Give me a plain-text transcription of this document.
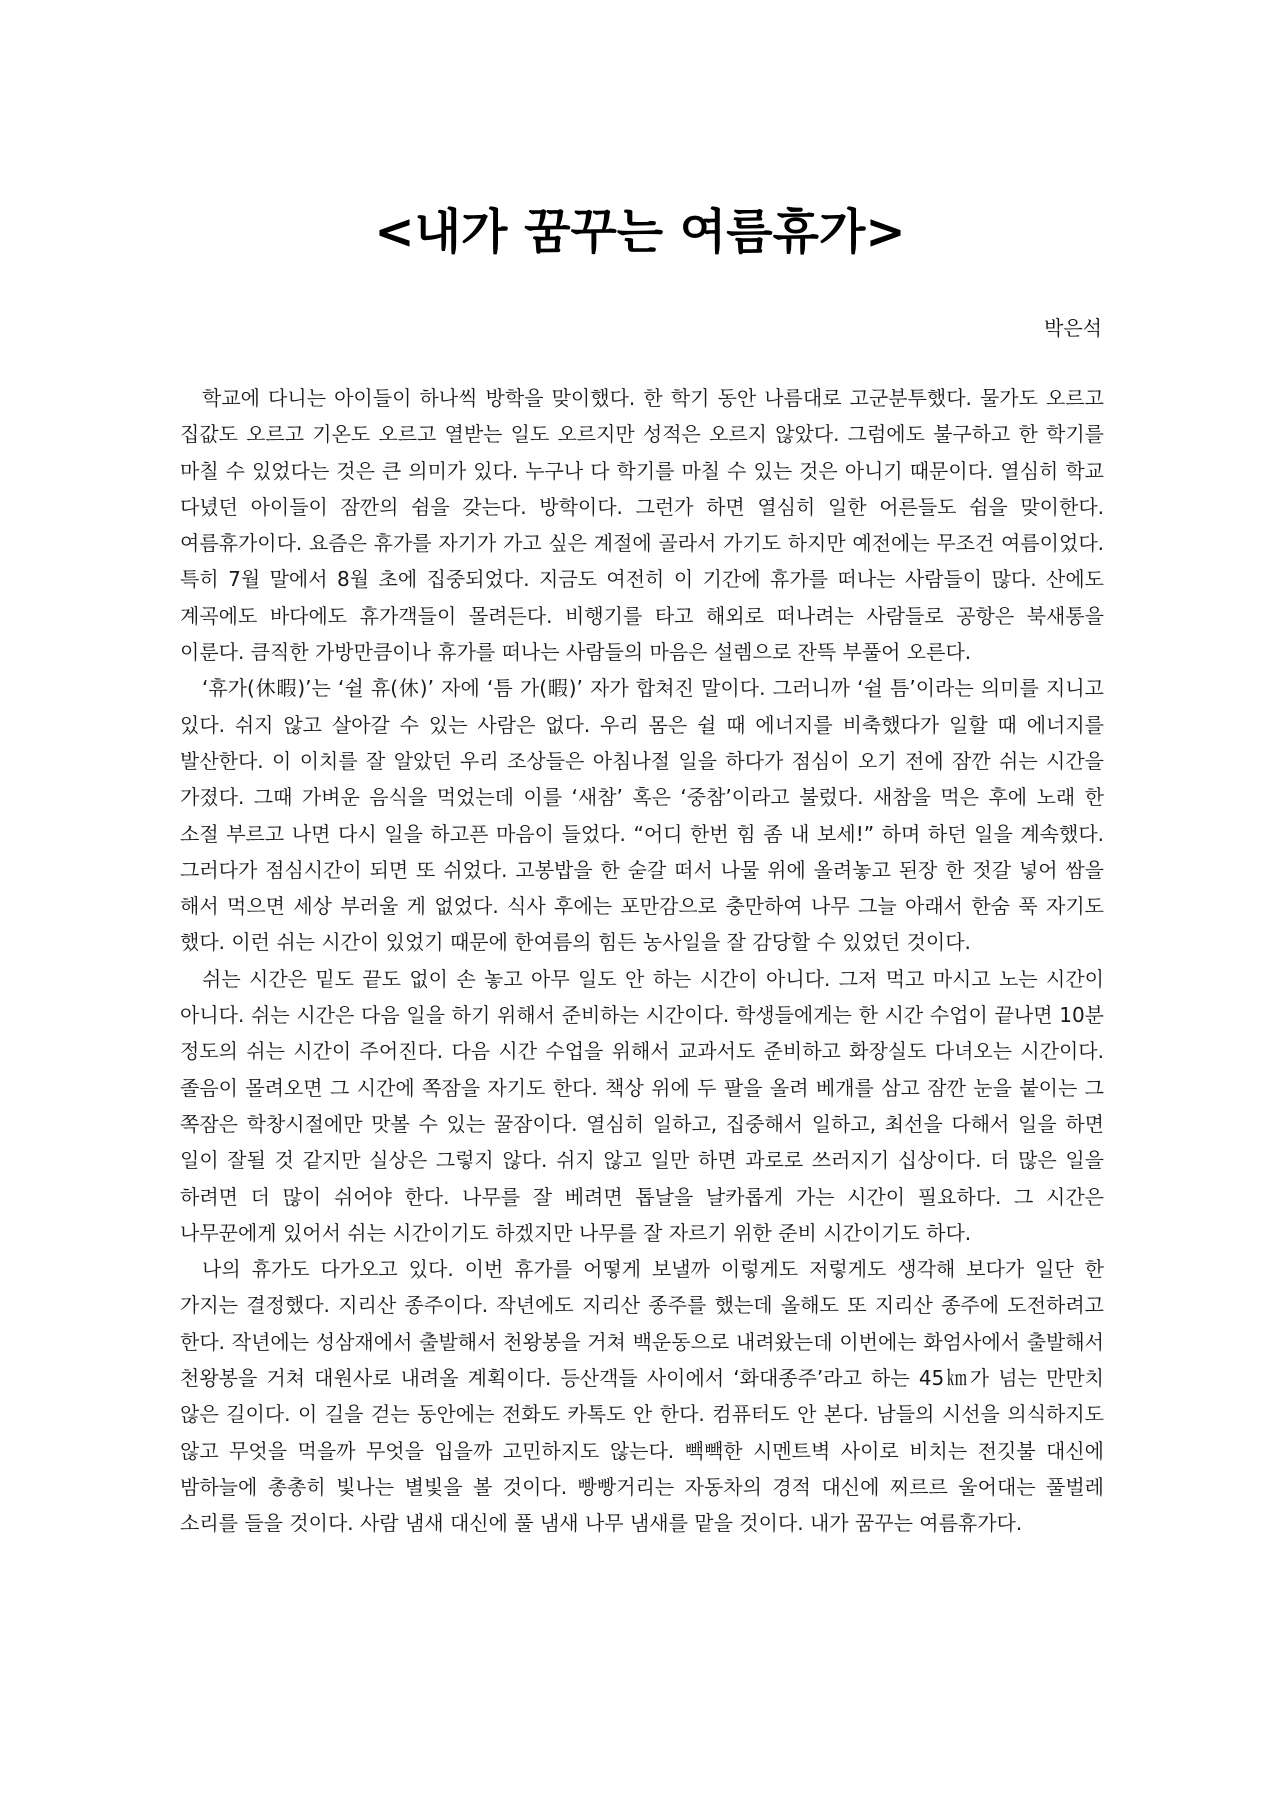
<내가 꿈꾸는 여름휴가>
박은석

학교에 다니는 아이들이 하나씩 방학을 맞이했다. 한 학기 동안 나름대로 고군분투했다. 물가도 오르고 집값도 오르고 기온도 오르고 열받는 일도 오르지만 성적은 오르지 않았다. 그럼에도 불구하고 한 학기를 마칠 수 있었다는 것은 큰 의미가 있다. 누구나 다 학기를 마칠 수 있는 것은 아니기 때문이다. 열심히 학교 다녔던 아이들이 잠깐의 쉼을 갖는다. 방학이다. 그런가 하면 열심히 일한 어른들도 쉼을 맞이한다. 여름휴가이다. 요즘은 휴가를 자기가 가고 싶은 계절에 골라서 가기도 하지만 예전에는 무조건 여름이었다. 특히 7월 말에서 8월 초에 집중되었다. 지금도 여전히 이 기간에 휴가를 떠나는 사람들이 많다. 산에도 계곡에도 바다에도 휴가객들이 몰려든다. 비행기를 타고 해외로 떠나려는 사람들로 공항은 북새통을 이룬다. 큼직한 가방만큼이나 휴가를 떠나는 사람들의 마음은 설렘으로 잔뜩 부풀어 오른다.

‘휴가(休暇)’는 ‘쉴 휴(休)’ 자에 ‘틈 가(暇)’ 자가 합쳐진 말이다. 그러니까 ‘쉴 틈’이라는 의미를 지니고 있다. 쉬지 않고 살아갈 수 있는 사람은 없다. 우리 몸은 쉴 때 에너지를 비축했다가 일할 때 에너지를 발산한다. 이 이치를 잘 알았던 우리 조상들은 아침나절 일을 하다가 점심이 오기 전에 잠깐 쉬는 시간을 가졌다. 그때 가벼운 음식을 먹었는데 이를 ‘새참’ 혹은 ‘중참’이라고 불렀다. 새참을 먹은 후에 노래 한 소절 부르고 나면 다시 일을 하고픈 마음이 들었다. “어디 한번 힘 좀 내 보세!” 하며 하던 일을 계속했다. 그러다가 점심시간이 되면 또 쉬었다. 고봉밥을 한 숟갈 떠서 나물 위에 올려놓고 된장 한 젓갈 넣어 쌈을 해서 먹으면 세상 부러울 게 없었다. 식사 후에는 포만감으로 충만하여 나무 그늘 아래서 한숨 푹 자기도 했다. 이런 쉬는 시간이 있었기 때문에 한여름의 힘든 농사일을 잘 감당할 수 있었던 것이다.

쉬는 시간은 밑도 끝도 없이 손 놓고 아무 일도 안 하는 시간이 아니다. 그저 먹고 마시고 노는 시간이 아니다. 쉬는 시간은 다음 일을 하기 위해서 준비하는 시간이다. 학생들에게는 한 시간 수업이 끝나면 10분 정도의 쉬는 시간이 주어진다. 다음 시간 수업을 위해서 교과서도 준비하고 화장실도 다녀오는 시간이다. 졸음이 몰려오면 그 시간에 쪽잠을 자기도 한다. 책상 위에 두 팔을 올려 베개를 삼고 잠깐 눈을 붙이는 그 쪽잠은 학창시절에만 맛볼 수 있는 꿀잠이다. 열심히 일하고, 집중해서 일하고, 최선을 다해서 일을 하면 일이 잘될 것 같지만 실상은 그렇지 않다. 쉬지 않고 일만 하면 과로로 쓰러지기 십상이다. 더 많은 일을 하려면 더 많이 쉬어야 한다. 나무를 잘 베려면 톱날을 날카롭게 가는 시간이 필요하다. 그 시간은 나무꾼에게 있어서 쉬는 시간이기도 하겠지만 나무를 잘 자르기 위한 준비 시간이기도 하다.

나의 휴가도 다가오고 있다. 이번 휴가를 어떻게 보낼까 이렇게도 저렇게도 생각해 보다가 일단 한 가지는 결정했다. 지리산 종주이다. 작년에도 지리산 종주를 했는데 올해도 또 지리산 종주에 도전하려고 한다. 작년에는 성삼재에서 출발해서 천왕봉을 거쳐 백운동으로 내려왔는데 이번에는 화엄사에서 출발해서 천왕봉을 거쳐 대원사로 내려올 계획이다. 등산객들 사이에서 ‘화대종주’라고 하는 45㎞가 넘는 만만치 않은 길이다. 이 길을 걷는 동안에는 전화도 카톡도 안 한다. 컴퓨터도 안 본다. 남들의 시선을 의식하지도 않고 무엇을 먹을까 무엇을 입을까 고민하지도 않는다. 빽빽한 시멘트벽 사이로 비치는 전깃불 대신에 밤하늘에 총총히 빛나는 별빛을 볼 것이다. 빵빵거리는 자동차의 경적 대신에 찌르르 울어대는 풀벌레 소리를 들을 것이다. 사람 냄새 대신에 풀 냄새 나무 냄새를 맡을 것이다. 내가 꿈꾸는 여름휴가다.
